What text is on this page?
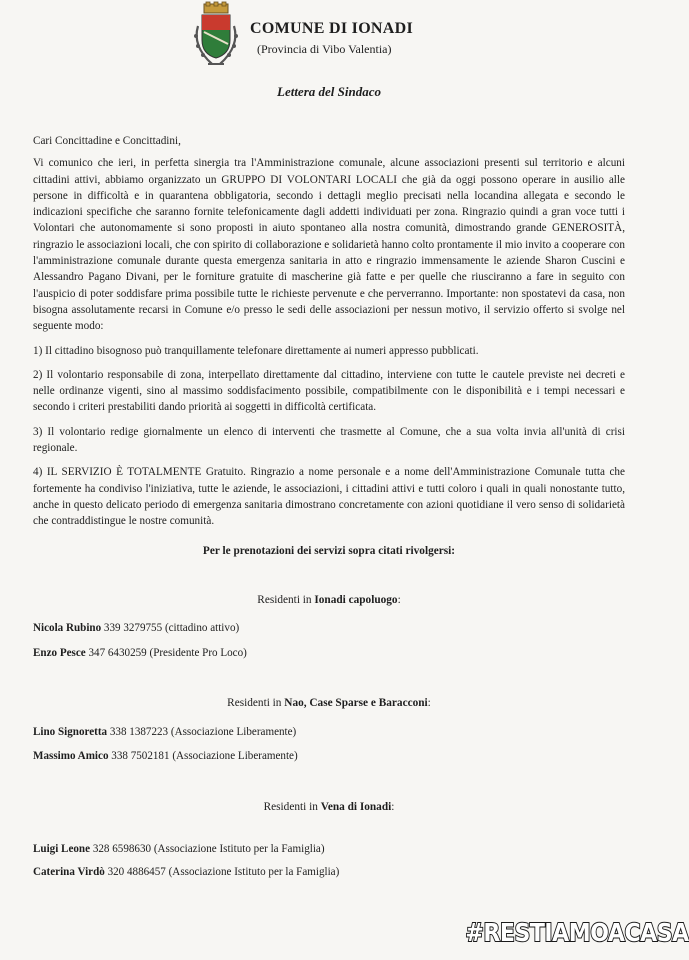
COMUNE DI IONADI
(Provincia di Vibo Valentia)
Lettera del Sindaco

Cari Concittadine e Concittadini,

Vi comunico che ieri, in perfetta sinergia tra l'Amministrazione comunale, alcune associazioni presenti sul territorio e alcuni cittadini attivi, abbiamo organizzato un GRUPPO DI VOLONTARI LOCALI che già da oggi possono operare in ausilio alle persone in difficoltà e in quarantena obbligatoria, secondo i dettagli meglio precisati nella locandina allegata e secondo le indicazioni specifiche che saranno fornite telefonicamente dagli addetti individuati per zona. Ringrazio quindi a gran voce tutti i Volontari che autonomamente si sono proposti in aiuto spontaneo alla nostra comunità, dimostrando grande GENEROSITÀ, ringrazio le associazioni locali, che con spirito di collaborazione e solidarietà hanno colto prontamente il mio invito a cooperare con l'amministrazione comunale durante questa emergenza sanitaria in atto e ringrazio immensamente le aziende Sharon Cuscini e Alessandro Pagano Divani, per le forniture gratuite di mascherine già fatte e per quelle che riusciranno a fare in seguito con l'auspicio di poter soddisfare prima possibile tutte le richieste pervenute e che perverranno. Importante: non spostatevi da casa, non bisogna assolutamente recarsi in Comune e/o presso le sedi delle associazioni per nessun motivo, il servizio offerto si svolge nel seguente modo:

1) Il cittadino bisognoso può tranquillamente telefonare direttamente ai numeri appresso pubblicati.

2) Il volontario responsabile di zona, interpellato direttamente dal cittadino, interviene con tutte le cautele previste nei decreti e nelle ordinanze vigenti, sino al massimo soddisfacimento possibile, compatibilmente con le disponibilità e i tempi necessari e secondo i criteri prestabiliti dando priorità ai soggetti in difficoltà certificata.

3) Il volontario redige giornalmente un elenco di interventi che trasmette al Comune, che a sua volta invia all'unità di crisi regionale.

4) IL SERVIZIO È TOTALMENTE Gratuito. Ringrazio a nome personale e a nome dell'Amministrazione Comunale tutta che fortemente ha condiviso l'iniziativa, tutte le aziende, le associazioni, i cittadini attivi e tutti coloro i quali in quali nonostante tutto, anche in questo delicato periodo di emergenza sanitaria dimostrano concretamente con azioni quotidiane il vero senso di solidarietà che contraddistingue le nostre comunità.

Per le prenotazioni dei servizi sopra citati rivolgersi:
Residenti in Ionadi capoluogo:
Nicola Rubino 339 3279755 (cittadino attivo)
Enzo Pesce 347 6430259 (Presidente Pro Loco)
Residenti in Nao, Case Sparse e Baracconi:
Lino Signoretta 338 1387223 (Associazione Liberamente)
Massimo Amico 338 7502181 (Associazione Liberamente)
Residenti in Vena di Ionadi:
Luigi Leone 328 6598630 (Associazione Istituto per la Famiglia)
Caterina Virdò 320 4886457 (Associazione Istituto per la Famiglia)
#RESTIAMOACASA
